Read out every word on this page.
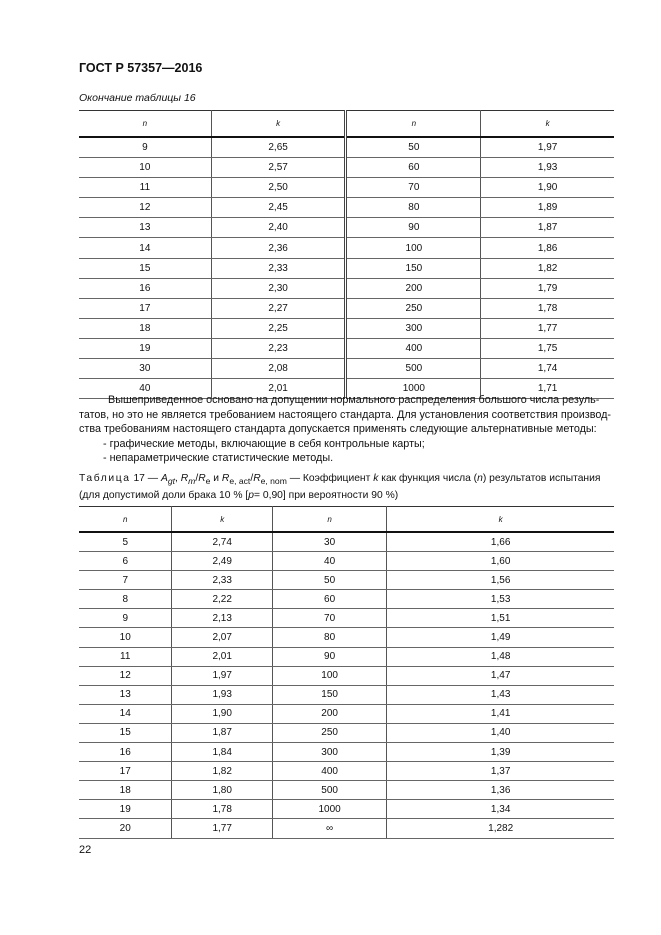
ГОСТ Р 57357—2016
Окончание таблицы 16
n	k	n	k
9	2,65	50	1,97
10	2,57	60	1,93
11	2,50	70	1,90
12	2,45	80	1,89
13	2,40	90	1,87
14	2,36	100	1,86
15	2,33	150	1,82
16	2,30	200	1,79
17	2,27	250	1,78
18	2,25	300	1,77
19	2,23	400	1,75
30	2,08	500	1,74
40	2,01	1000	1,71

Вышеприведенное основано на допущении нормального распределения большого числа резуль-

татов, но это не является требованием настоящего стандарта. Для установления соответствия производ-

ства требованиям настоящего стандарта допускается применять следующие альтернативные методы:

- графические методы, включающие в себя контрольные карты;

- непараметрические статистические методы.

Таблица 17 — $A_{gt}$, $R_m/R_e$ и $R_{e, act}/R_{e, nom}$ — Коэффициент k как функция числа (n) результатов испытания (для допустимой доли брака 10 % [p= 0,90] при вероятности 90 %)
n	k	n	k
5	2,74	30	1,66
6	2,49	40	1,60
7	2,33	50	1,56
8	2,22	60	1,53
9	2,13	70	1,51
10	2,07	80	1,49
11	2,01	90	1,48
12	1,97	100	1,47
13	1,93	150	1,43
14	1,90	200	1,41
15	1,87	250	1,40
16	1,84	300	1,39
17	1,82	400	1,37
18	1,80	500	1,36
19	1,78	1000	1,34
20	1,77	∞	1,282
22
